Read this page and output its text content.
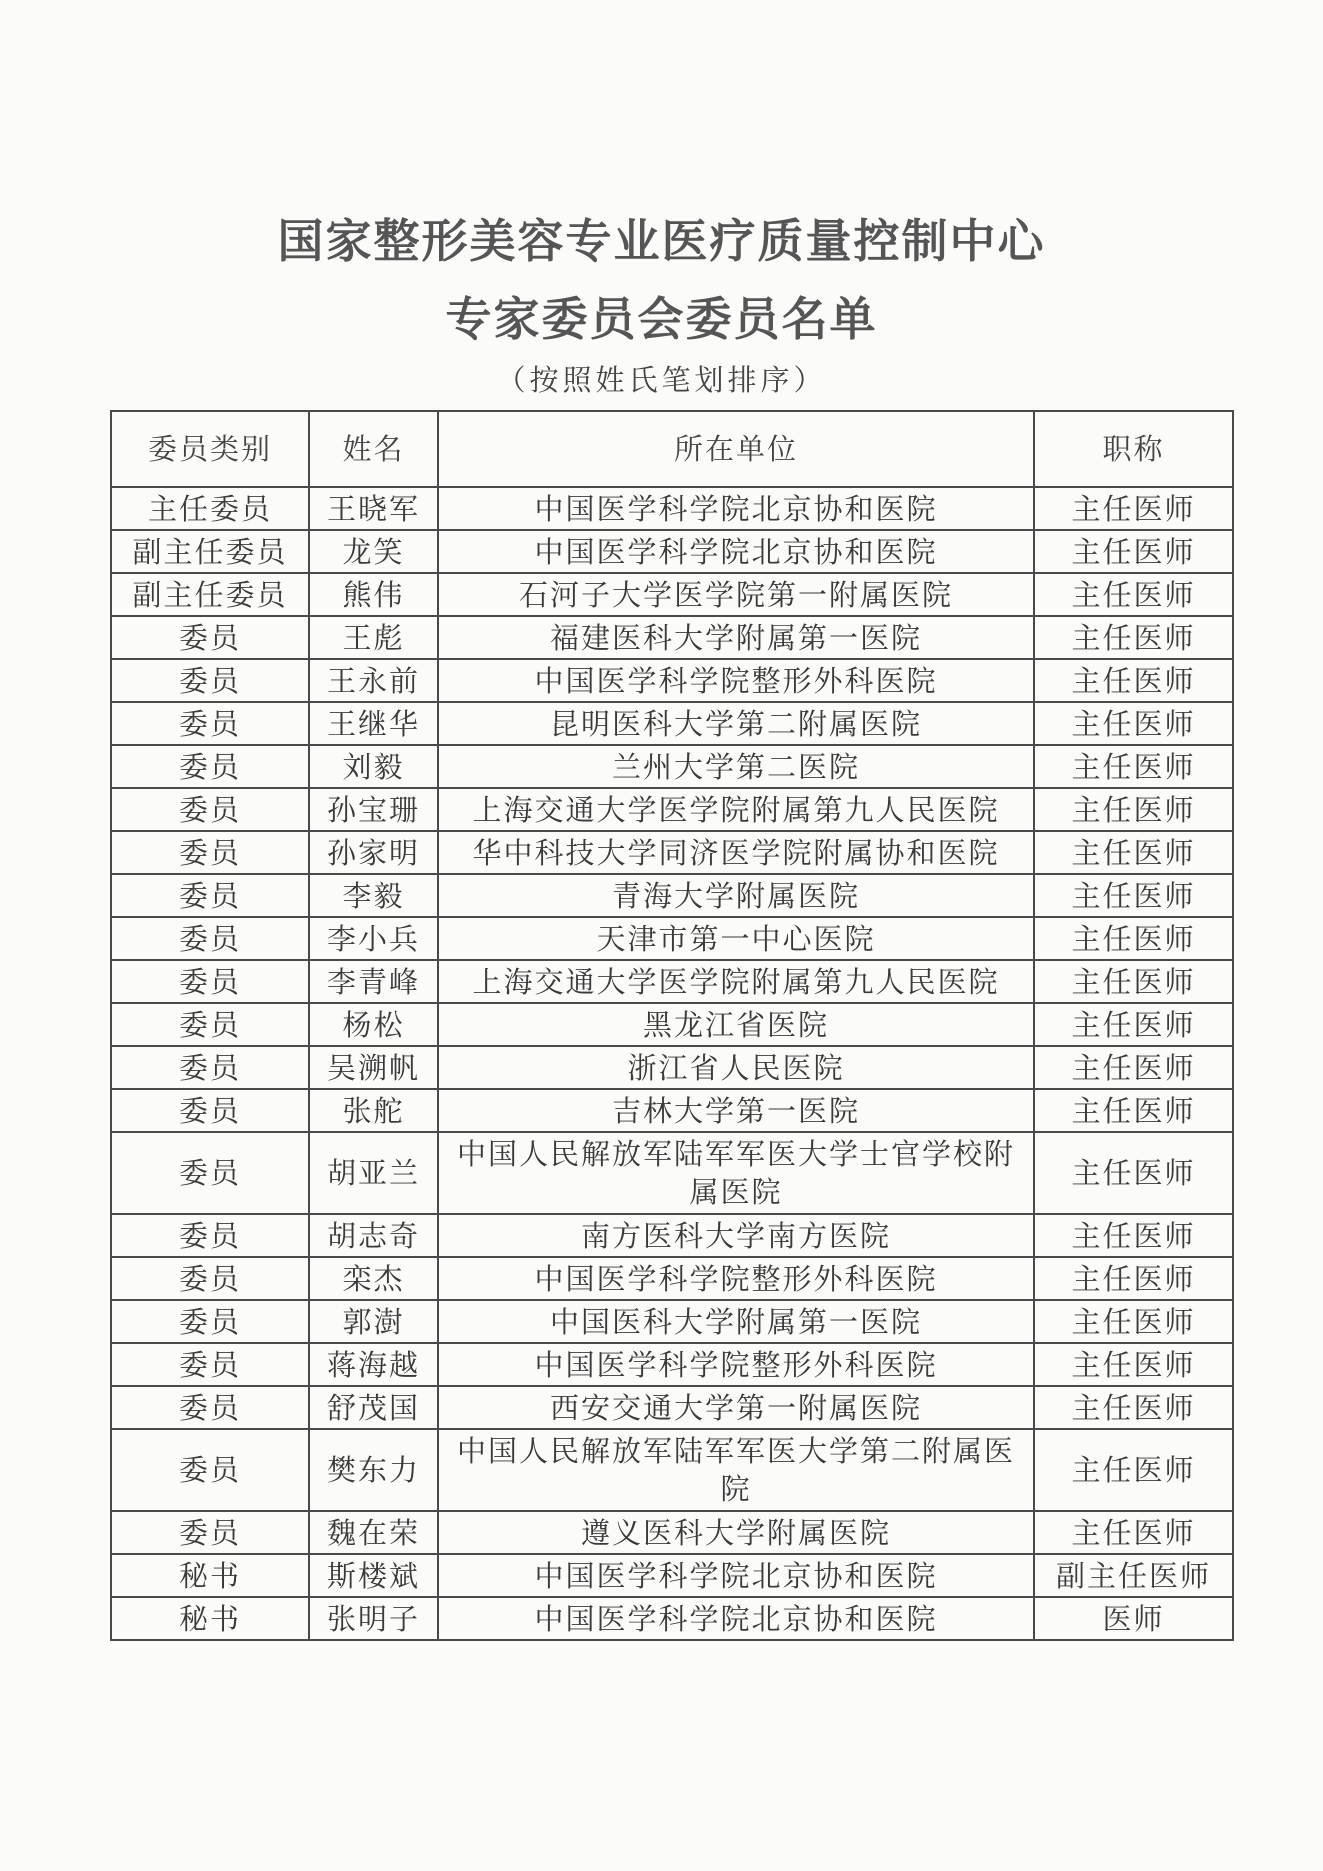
国家整形美容专业医疗质量控制中心
专家委员会委员名单
（按照姓氏笔划排序）
委员类别	姓名	所在单位	职称
主任委员	王晓军	中国医学科学院北京协和医院	主任医师
副主任委员	龙笑	中国医学科学院北京协和医院	主任医师
副主任委员	熊伟	石河子大学医学院第一附属医院	主任医师
委员	王彪	福建医科大学附属第一医院	主任医师
委员	王永前	中国医学科学院整形外科医院	主任医师
委员	王继华	昆明医科大学第二附属医院	主任医师
委员	刘毅	兰州大学第二医院	主任医师
委员	孙宝珊	上海交通大学医学院附属第九人民医院	主任医师
委员	孙家明	华中科技大学同济医学院附属协和医院	主任医师
委员	李毅	青海大学附属医院	主任医师
委员	李小兵	天津市第一中心医院	主任医师
委员	李青峰	上海交通大学医学院附属第九人民医院	主任医师
委员	杨松	黑龙江省医院	主任医师
委员	吴溯帆	浙江省人民医院	主任医师
委员	张舵	吉林大学第一医院	主任医师
委员	胡亚兰	中国人民解放军陆军军医大学士官学校附属医院	主任医师
委员	胡志奇	南方医科大学南方医院	主任医师
委员	栾杰	中国医学科学院整形外科医院	主任医师
委员	郭澍	中国医科大学附属第一医院	主任医师
委员	蒋海越	中国医学科学院整形外科医院	主任医师
委员	舒茂国	西安交通大学第一附属医院	主任医师
委员	樊东力	中国人民解放军陆军军医大学第二附属医院	主任医师
委员	魏在荣	遵义医科大学附属医院	主任医师
秘书	斯楼斌	中国医学科学院北京协和医院	副主任医师
秘书	张明子	中国医学科学院北京协和医院	医师
